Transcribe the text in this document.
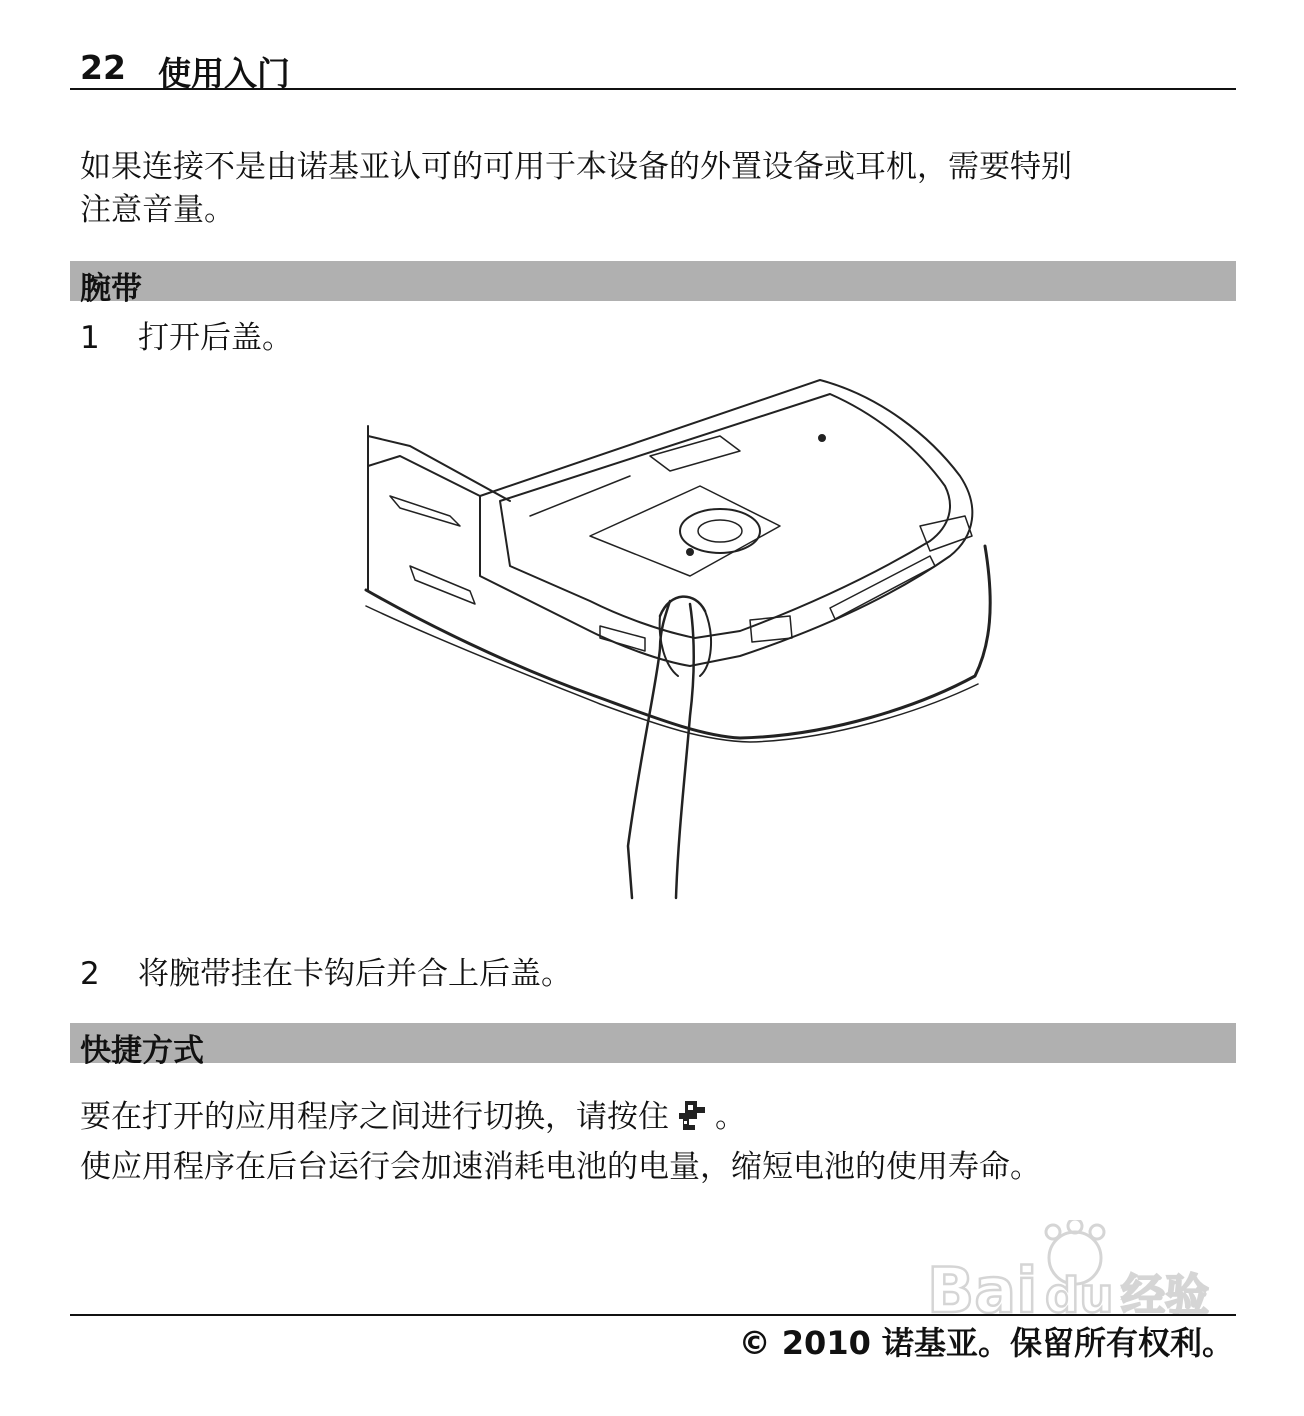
22 使用入门

如果连接不是由诺基亚认可的可用于本设备的外置设备或耳机，需要特别

注意音量。

腕带
1 打开后盖。
2 将腕带挂在卡钩后并合上后盖。
快捷方式

要在打开的应用程序之间进行切换，请按住 。

使应用程序在后台运行会加速消耗电池的电量，缩短电池的使用寿命。

Bai du 经验
© 2010 诺基亚。保留所有权利。
